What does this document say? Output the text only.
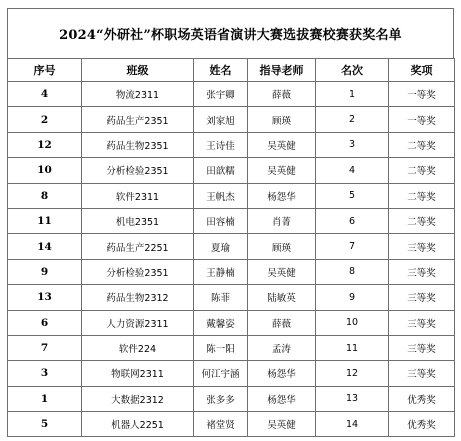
2024“外研社”杯职场英语省演讲大赛选拔赛校赛获奖名单
序号	班级	姓名	指导老师	名次	奖项
4	物流2311	张宇卿	薛薇	1	一等奖
2	药品生产2351	刘家旭	顾瑛	2	一等奖
12	药品生物2351	王诗佳	吴英健	3	二等奖
10	分析检验2351	田歆糯	吴英健	4	二等奖
8	软件2311	王帆杰	杨怨华	5	二等奖
11	机电2351	田容楠	肖菁	6	二等奖
14	药品生产2251	夏瑜	顾瑛	7	三等奖
9	分析检验2351	王静楠	吴英健	8	三等奖
13	药品生物2312	陈菲	陆敏英	9	三等奖
6	人力资源2311	戴馨姿	薛薇	10	三等奖
7	软件224	陈一阳	孟涛	11	三等奖
3	物联网2311	何江宇涵	杨怨华	12	三等奖
1	大数据2312	张多多	杨怨华	13	优秀奖
5	机器人2251	褚堂贤	吴英健	14	优秀奖
